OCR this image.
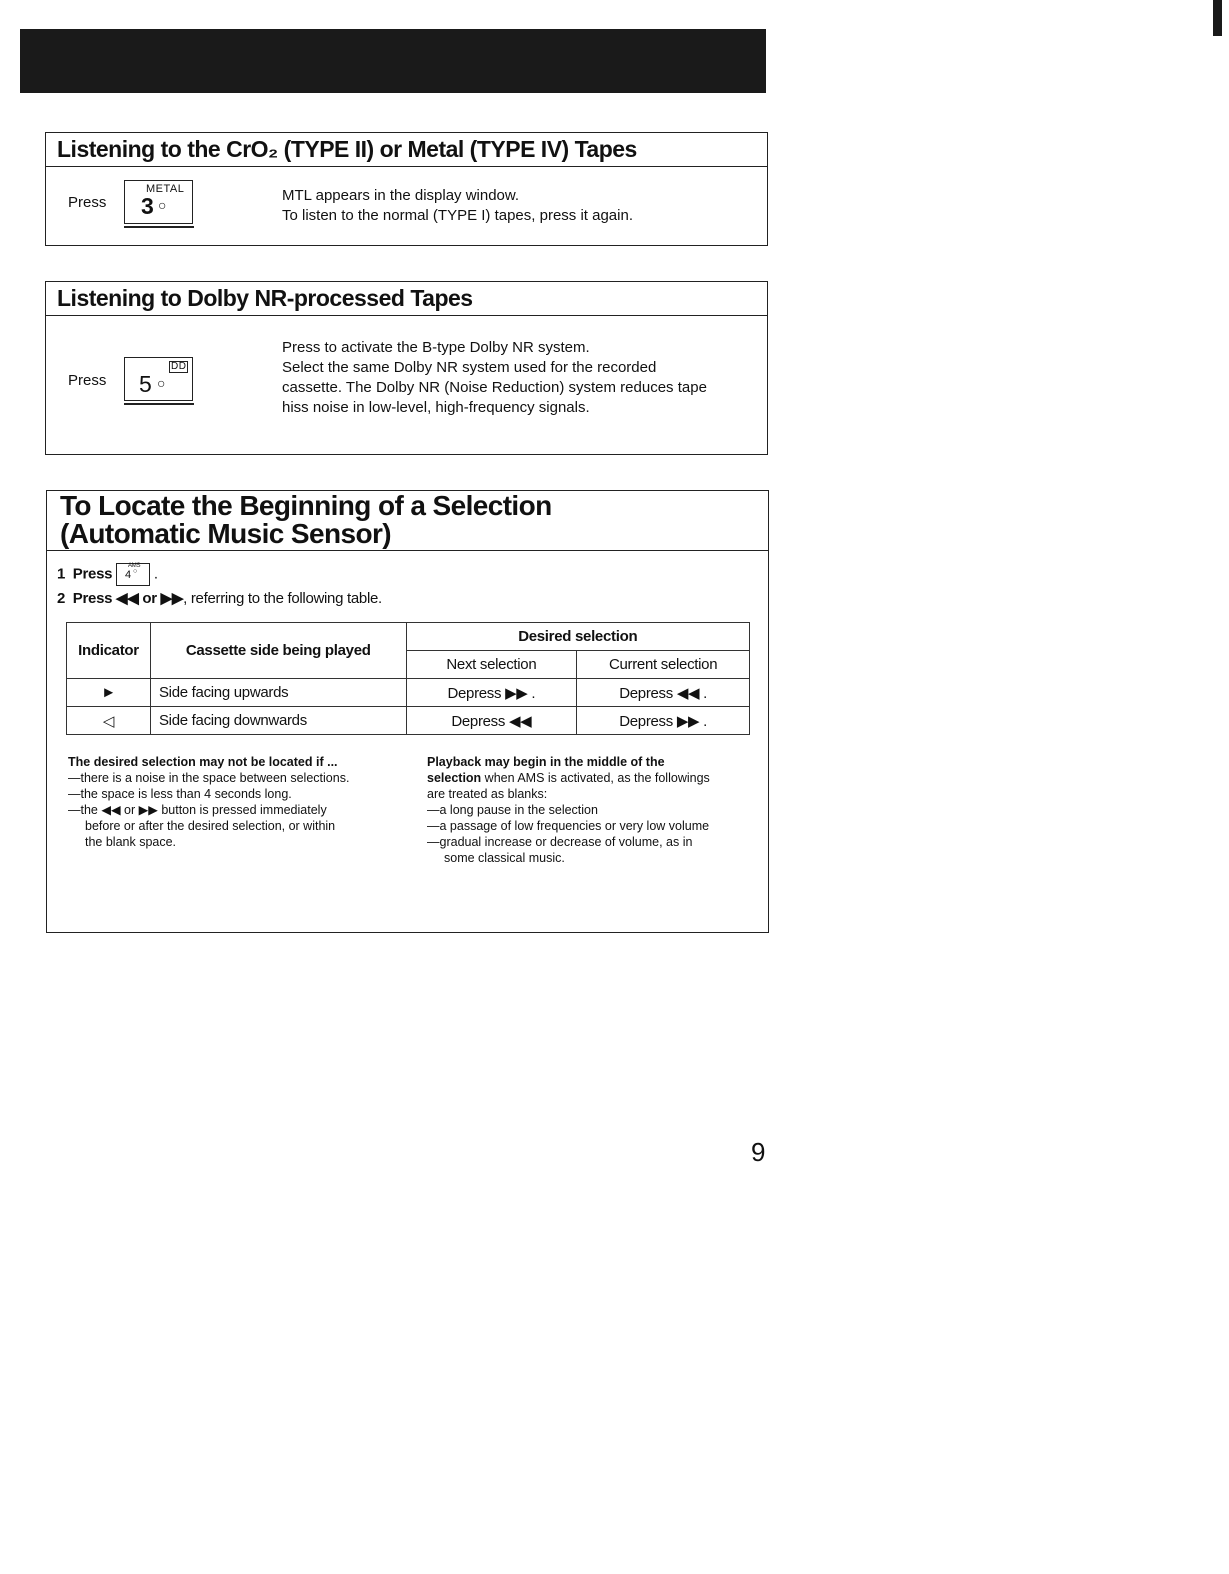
Listening to the CrO₂ (TYPE II) or Metal (TYPE IV) Tapes
Press
METAL
3 ○
MTL appears in the display window.
To listen to the normal (TYPE I) tapes, press it again.
Listening to Dolby NR-processed Tapes
Press
DD
5 ○
Press to activate the B-type Dolby NR system.
Select the same Dolby NR system used for the recorded
cassette. The Dolby NR (Noise Reduction) system reduces tape
hiss noise in low-level, high-frequency signals.
To Locate the Beginning of a Selection
(Automatic Music Sensor)
1 Press	AMS
4 ○ .
2 Press ◀◀ or ▶▶, referring to the following table.
Indicator	Cassette side being played	Desired selection	
		Next selection	Current selection
►	Side facing upwards	Depress ▶▶ .	Depress ◀◀ .
◁	Side facing downwards	Depress ◀◀	Depress ▶▶ .
The desired selection may not be located if ...
—there is a noise in the space between selections.
—the space is less than 4 seconds long.
—the ◀◀ or ▶▶ button is pressed immediately
before or after the desired selection, or within
the blank space.
Playback may begin in the middle of the
selection when AMS is activated, as the followings
are treated as blanks:
—a long pause in the selection
—a passage of low frequencies or very low volume
—gradual increase or decrease of volume, as in
some classical music.
9
